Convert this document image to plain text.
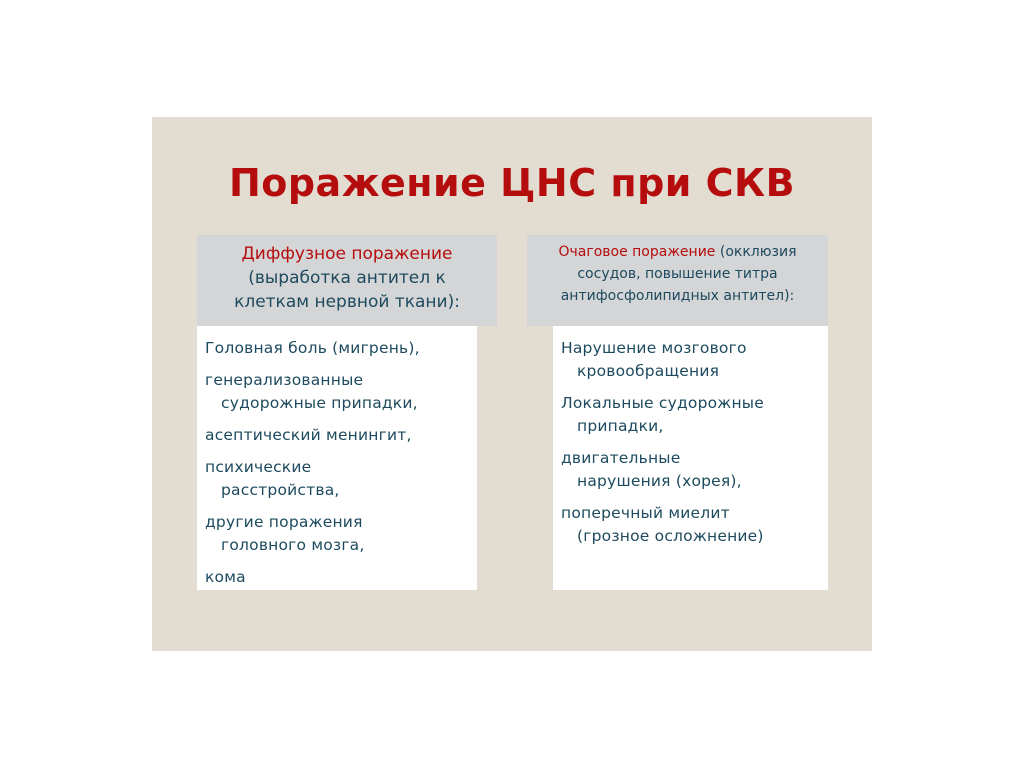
Поражение ЦНС при СКВ
Диффузное поражение
(выработка антител к
клеткам нервной ткани):
Очаговое поражение (окклюзия
сосудов, повышение титра
антифосфолипидных антител):
Головная боль (мигрень),
генерализованные
судорожные припадки,
асептический менингит,
психические
расстройства,
другие поражения
головного мозга,
кома
Нарушение мозгового
кровообращения
Локальные судорожные
припадки,
двигательные
нарушения (хорея),
поперечный миелит
(грозное осложнение)
